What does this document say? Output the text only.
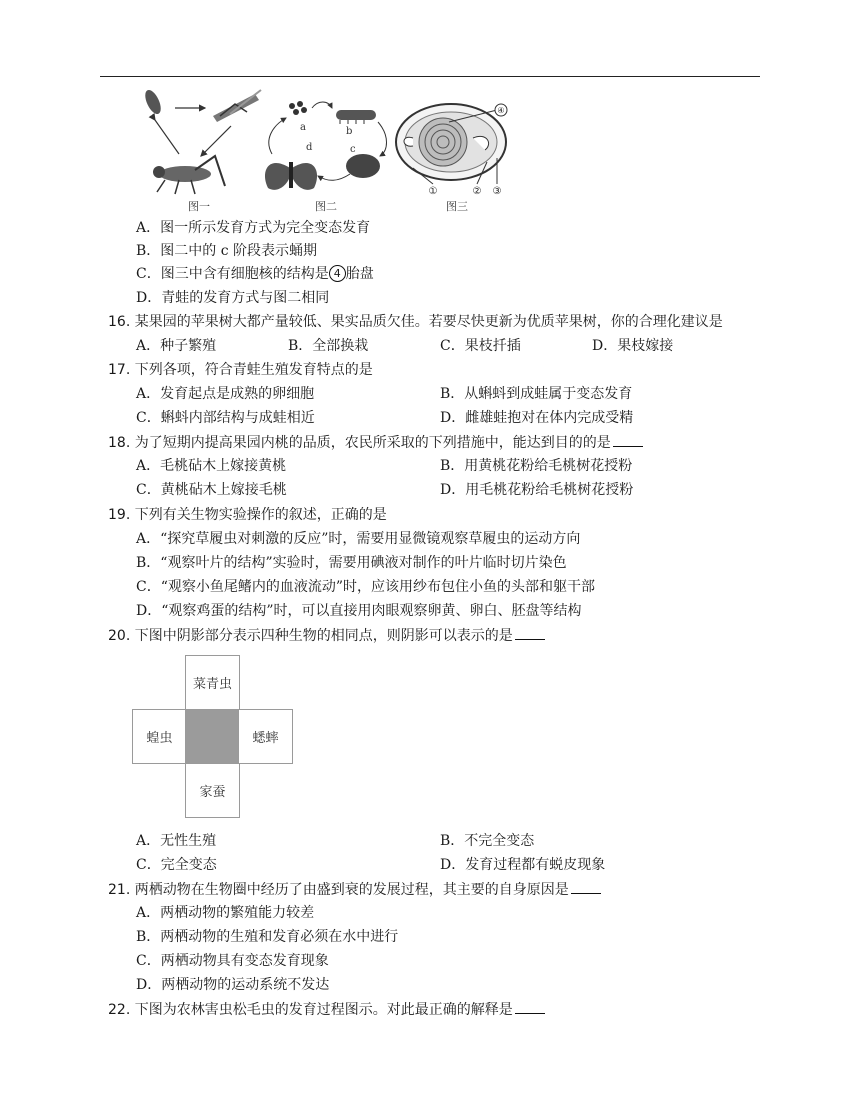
图一
a	b
c
d
图二
④
①	② ③
图三
A．图一所示发育方式为完全变态发育
B．图二中的 c 阶段表示蛹期
C．图三中含有细胞核的结构是 4 胎盘
D．青蛙的发育方式与图二相同
16. 某果园的苹果树大都产量较低、果实品质欠佳。若要尽快更新为优质苹果树，你的合理化建议是
A．种子繁殖	B．全部换栽	C．果枝扦插	D．果枝嫁接
17. 下列各项，符合青蛙生殖发育特点的是
A．发育起点是成熟的卵细胞	B．从蝌蚪到成蛙属于变态发育
C．蝌蚪内部结构与成蛙相近	D．雌雄蛙抱对在体内完成受精
18. 为了短期内提高果园内桃的品质，农民所采取的下列措施中，能达到目的的是
A．毛桃砧木上嫁接黄桃	B．用黄桃花粉给毛桃树花授粉
C．黄桃砧木上嫁接毛桃	D．用毛桃花粉给毛桃树花授粉
19. 下列有关生物实验操作的叙述，正确的是
A．“探究草履虫对刺激的反应”时，需要用显微镜观察草履虫的运动方向
B．“观察叶片的结构”实验时，需要用碘液对制作的叶片临时切片染色
C．“观察小鱼尾鳍内的血液流动”时，应该用纱布包住小鱼的头部和躯干部
D．“观察鸡蛋的结构”时，可以直接用肉眼观察卵黄、卵白、胚盘等结构
20. 下图中阴影部分表示四种生物的相同点，则阴影可以表示的是
菜青虫
蝗虫	蟋蟀
家蚕
A．无性生殖	B．不完全变态
C．完全变态	D．发育过程都有蜕皮现象
21. 两栖动物在生物圈中经历了由盛到衰的发展过程，其主要的自身原因是
A．两栖动物的繁殖能力较差
B．两栖动物的生殖和发育必须在水中进行
C．两栖动物具有变态发育现象
D．两栖动物的运动系统不发达
22. 下图为农林害虫松毛虫的发育过程图示。对此最正确的解释是
